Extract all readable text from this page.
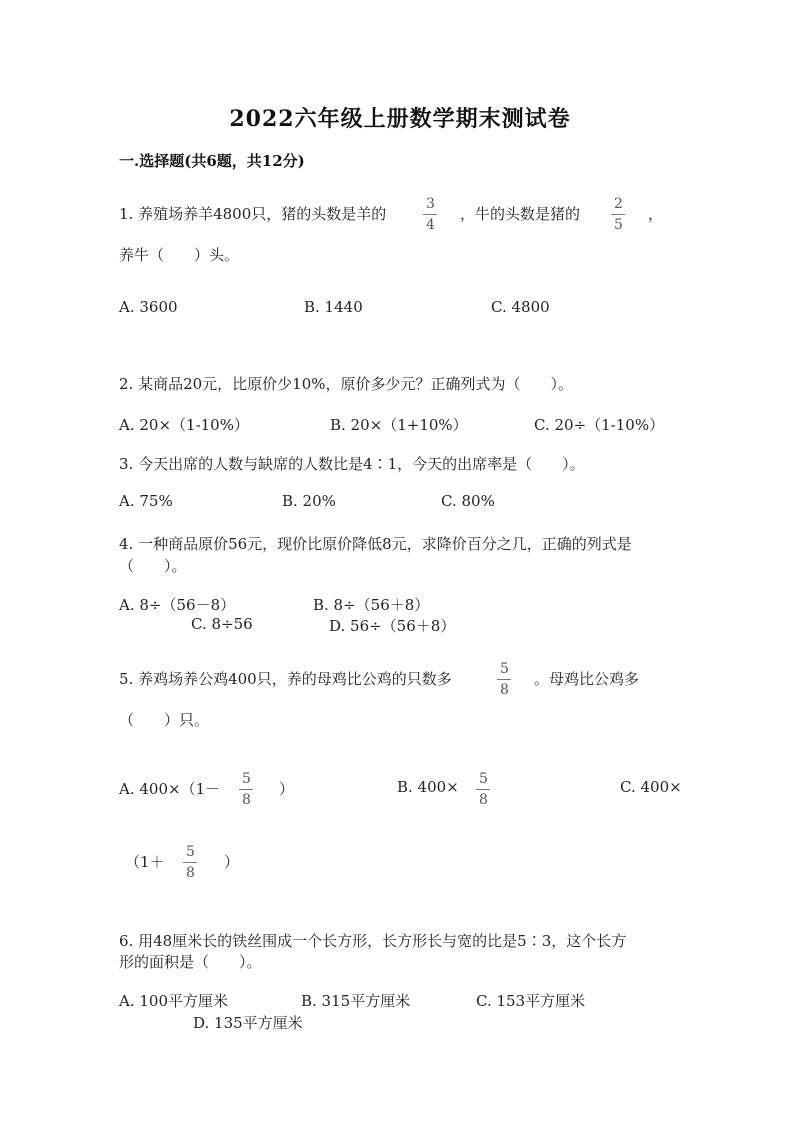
2022六年级上册数学期末测试卷
一.选择题(共6题，共12分)
1. 养殖场养羊4800只，猪的头数是羊的
3
4
，牛的头数是猪的
2
5
，
养牛（　　）头。
A. 3600	B. 1440	C. 4800
2. 某商品20元，比原价少10%，原价多少元？正确列式为（　　）。
A. 20×（1-10%）	B. 20×（1+10%）	C. 20÷（1-10%）
3. 今天出席的人数与缺席的人数比是4∶1，今天的出席率是（　　）。
A. 75%	B. 20%	C. 80%
4. 一种商品原价56元，现价比原价降低8元，求降价百分之几，正确的列式是
（　　）。
A. 8÷（56－8）	B. 8÷（56＋8）
C. 8÷56	D. 56÷（56＋8）
5. 养鸡场养公鸡400只，养的母鸡比公鸡的只数多
5
8
。母鸡比公鸡多
（　　）只。
A. 400×（1－
5
8
）	B. 400× 5
8
C. 400×
（1＋
5
8
）
6. 用48厘米长的铁丝围成一个长方形，长方形长与宽的比是5∶3，这个长方
形的面积是（　　）。
A. 100平方厘米	B. 315平方厘米	C. 153平方厘米
D. 135平方厘米
